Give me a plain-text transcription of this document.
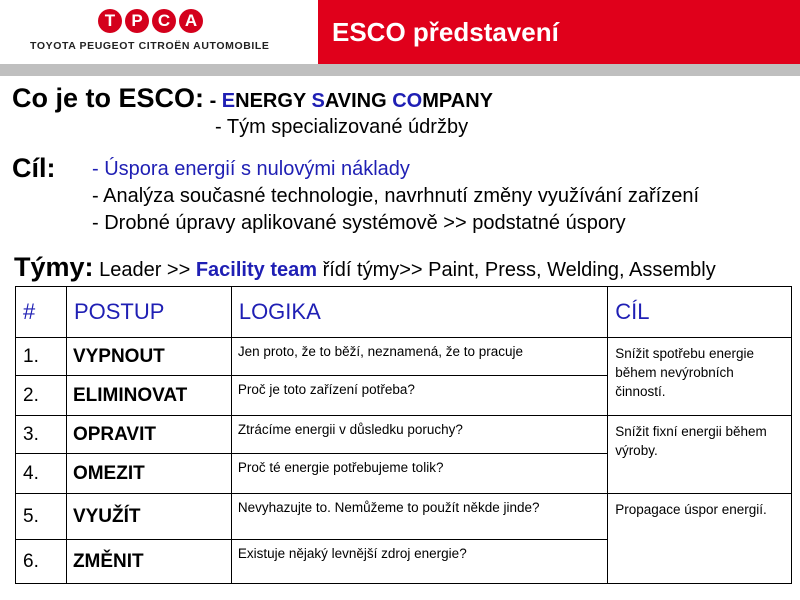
T P C A
TOYOTA PEUGEOT CITROËN AUTOMOBILE	ESCO představení
Co je to ESCO: - ENERGY SAVING COMPANY
- Tým specializované údržby
Cíl: - Úspora energií s nulovými náklady
- Analýza současné technologie, navrhnutí změny využívání zařízení
- Drobné úpravy aplikované systémově >> podstatné úspory
Týmy: Leader >> Facility team řídí týmy>> Paint, Press, Welding, Assembly
#	POSTUP	LOGIKA	CÍL
1.	VYPNOUT	Jen proto, že to běží, neznamená, že to pracuje	Snížit spotřebu energie během nevýrobních činností.
2.	ELIMINOVAT	Proč je toto zařízení potřeba?	
3.	OPRAVIT	Ztrácíme energii v důsledku poruchy?	Snížit fixní energii během výroby.
4.	OMEZIT	Proč té energie potřebujeme tolik?	
5.	VYUŽÍT	Nevyhazujte to. Nemůžeme to použít někde jinde?	Propagace úspor energií.
6.	ZMĚNIT	Existuje nějaký levnější zdroj energie?	
